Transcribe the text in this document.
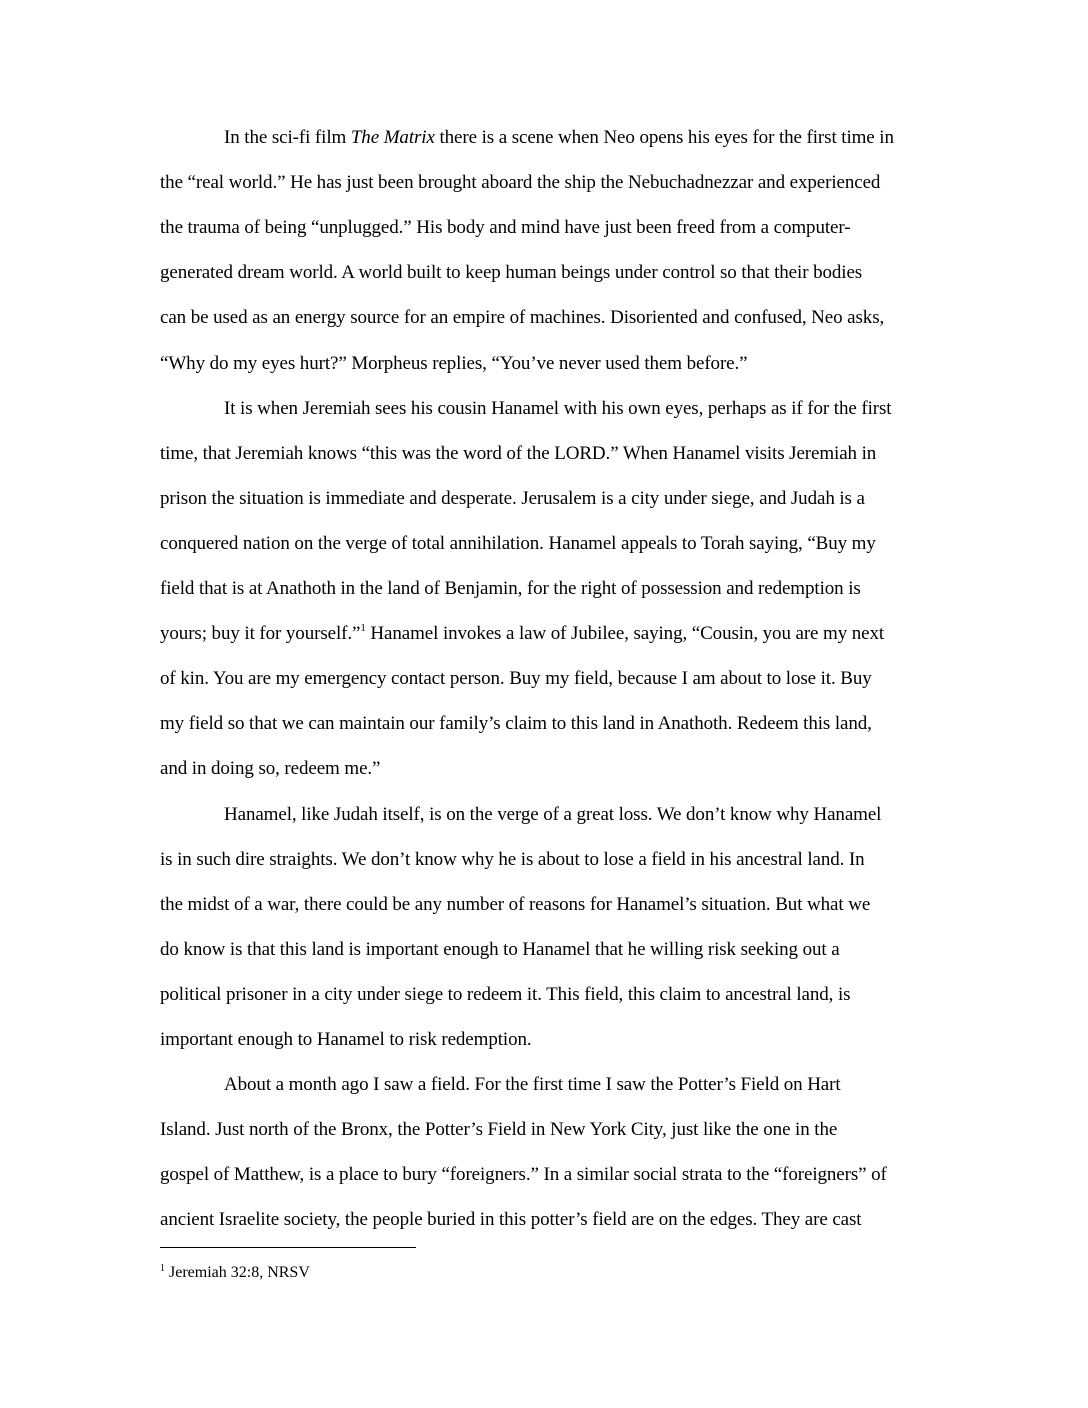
In the sci-fi film The Matrix there is a scene when Neo opens his eyes for the first time in
the “real world.” He has just been brought aboard the ship the Nebuchadnezzar and experienced
the trauma of being “unplugged.” His body and mind have just been freed from a computer-
generated dream world. A world built to keep human beings under control so that their bodies
can be used as an energy source for an empire of machines. Disoriented and confused, Neo asks,
“Why do my eyes hurt?” Morpheus replies, “You’ve never used them before.”
It is when Jeremiah sees his cousin Hanamel with his own eyes, perhaps as if for the first
time, that Jeremiah knows “this was the word of the LORD.” When Hanamel visits Jeremiah in
prison the situation is immediate and desperate. Jerusalem is a city under siege, and Judah is a
conquered nation on the verge of total annihilation. Hanamel appeals to Torah saying, “Buy my
field that is at Anathoth in the land of Benjamin, for the right of possession and redemption is
yours; buy it for yourself.”$^1$ Hanamel invokes a law of Jubilee, saying, “Cousin, you are my next
of kin. You are my emergency contact person. Buy my field, because I am about to lose it. Buy
my field so that we can maintain our family’s claim to this land in Anathoth. Redeem this land,
and in doing so, redeem me.”
Hanamel, like Judah itself, is on the verge of a great loss. We don’t know why Hanamel
is in such dire straights. We don’t know why he is about to lose a field in his ancestral land. In
the midst of a war, there could be any number of reasons for Hanamel’s situation. But what we
do know is that this land is important enough to Hanamel that he willing risk seeking out a
political prisoner in a city under siege to redeem it. This field, this claim to ancestral land, is
important enough to Hanamel to risk redemption.
About a month ago I saw a field. For the first time I saw the Potter’s Field on Hart
Island. Just north of the Bronx, the Potter’s Field in New York City, just like the one in the
gospel of Matthew, is a place to bury “foreigners.” In a similar social strata to the “foreigners” of
ancient Israelite society, the people buried in this potter’s field are on the edges. They are cast
$^1$ Jeremiah 32:8, NRSV
